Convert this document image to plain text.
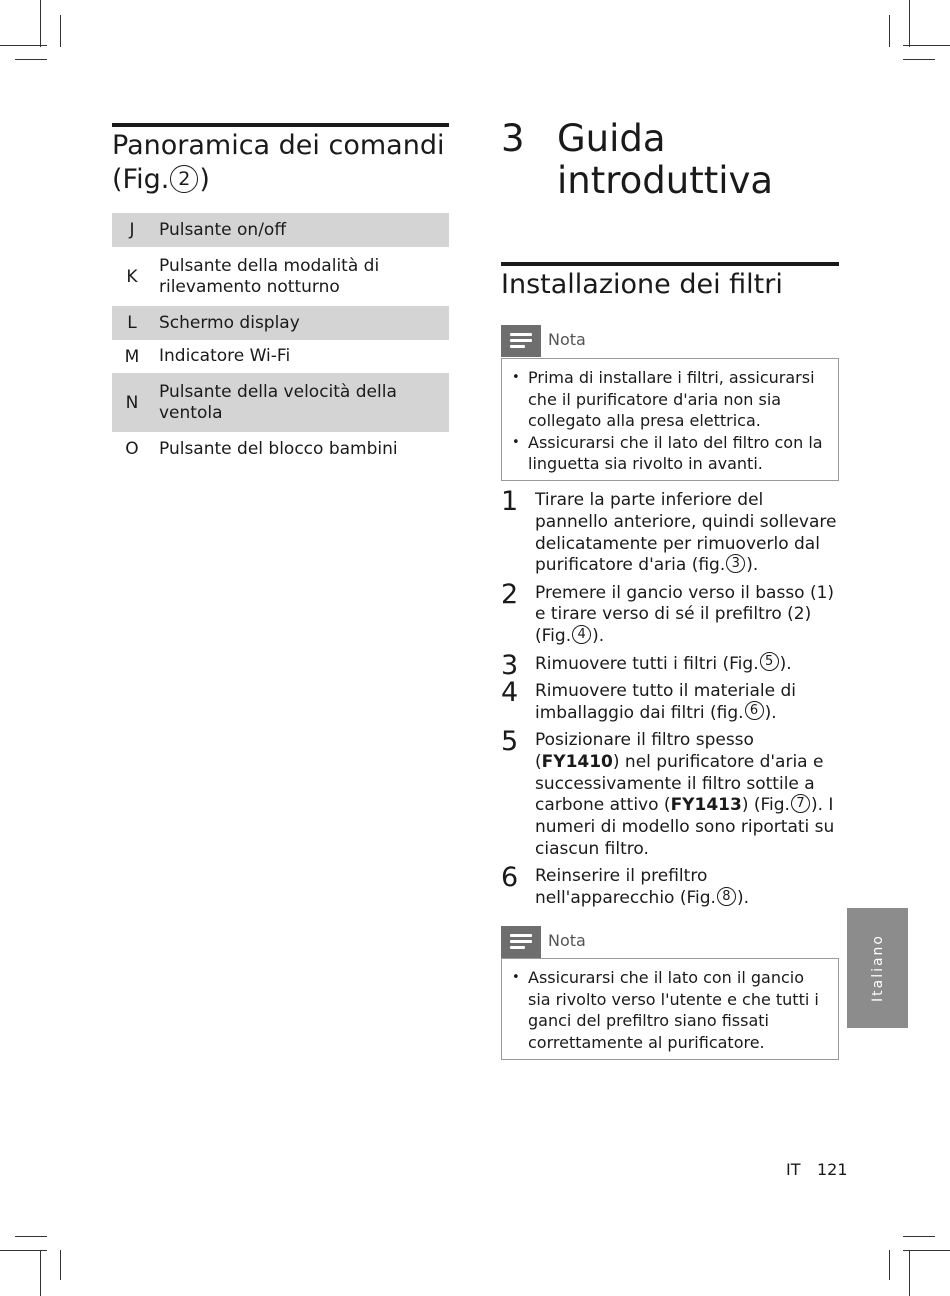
Panoramica dei comandi
(Fig. 2 )
J	Pulsante on/off
K	Pulsante della modalità di rilevamento notturno
L	Schermo display
M	Indicatore Wi-Fi
N	Pulsante della velocità della ventola
O	Pulsante del blocco bambini
3 Guida
introduttiva
Installazione dei filtri
Nota
• Prima di installare i filtri, assicurarsi che il purificatore d'aria non sia collegato alla presa elettrica.
• Assicurarsi che il lato del filtro con la linguetta sia rivolto in avanti.
1 Tirare la parte inferiore del pannello anteriore, quindi sollevare delicatamente per rimuoverlo dal purificatore d'aria (fig. 3 ).
2 Premere il gancio verso il basso (1) e tirare verso di sé il prefiltro (2) (Fig. 4 ).
3 Rimuovere tutti i filtri (Fig. 5 ).
4 Rimuovere tutto il materiale di imballaggio dai filtri (fig. 6 ).
5 Posizionare il filtro spesso (FY1410) nel purificatore d'aria e successivamente il filtro sottile a carbone attivo (FY1413) (Fig. 7 ). I numeri di modello sono riportati su ciascun filtro.
6 Reinserire il prefiltro nell'apparecchio (Fig. 8 ).
Nota
• Assicurarsi che il lato con il gancio sia rivolto verso l'utente e che tutti i ganci del prefiltro siano fissati correttamente al purificatore.
Italiano
IT 121
